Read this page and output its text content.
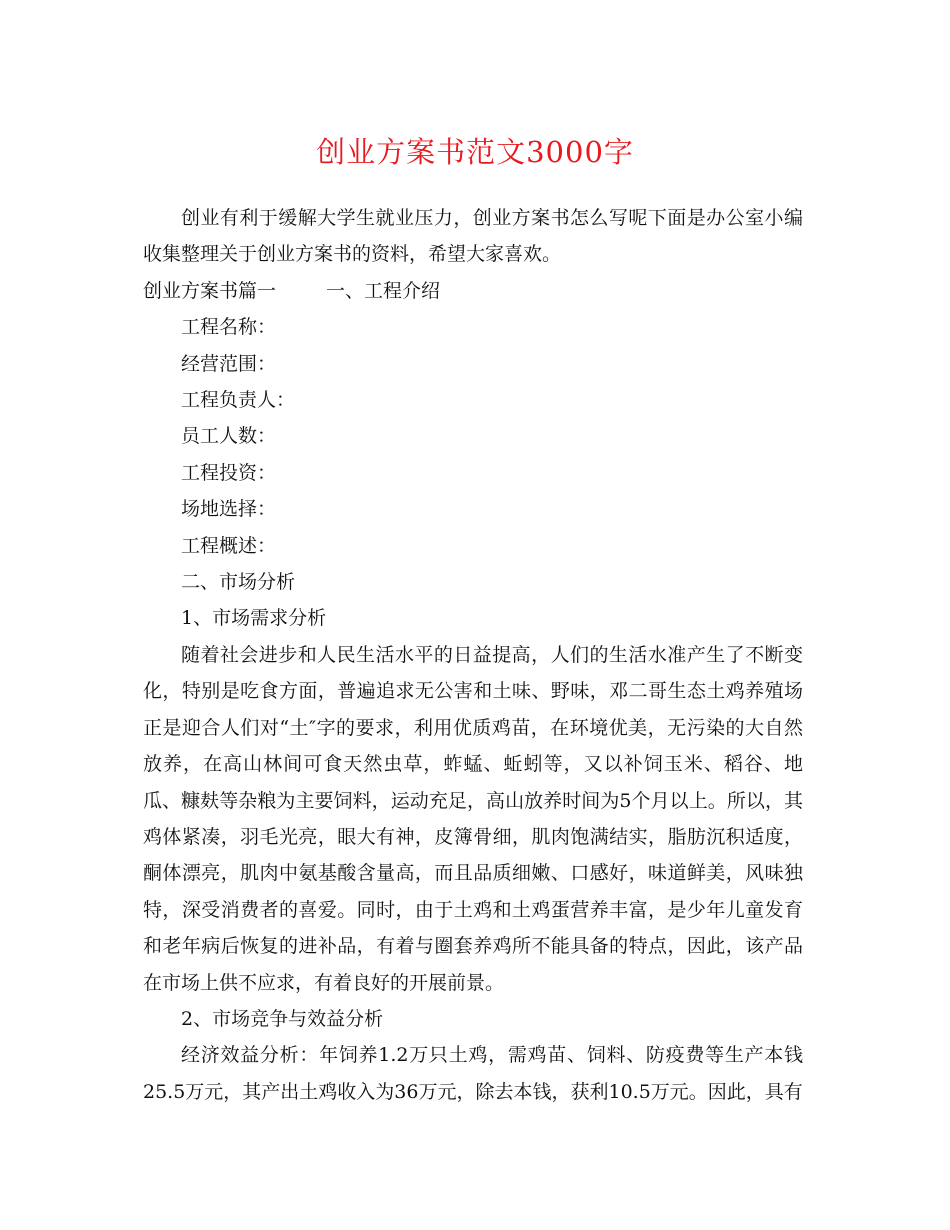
创业方案书范文3000字

创业有利于缓解大学生就业压力，创业方案书怎么写呢下面是办公室小编收集整理关于创业方案书的资料，希望大家喜欢。

创业方案书篇一	一、工程介绍

工程名称：

经营范围：

工程负责人：

员工人数：

工程投资：

场地选择：

工程概述：

二、市场分析

1、市场需求分析

随着社会进步和人民生活水平的日益提高，人们的生活水准产生了不断变化，特别是吃食方面，普遍追求无公害和土味、野味，邓二哥生态土鸡养殖场正是迎合人们对“土″字的要求，利用优质鸡苗，在环境优美，无污染的大自然放养，在高山林间可食天然虫草，蚱蜢、蚯蚓等，又以补饲玉米、稻谷、地瓜、糠麸等杂粮为主要饲料，运动充足，高山放养时间为5个月以上。所以，其鸡体紧凑，羽毛光亮，眼大有神，皮簿骨细，肌肉饱满结实，脂肪沉积适度，酮体漂亮，肌肉中氨基酸含量高，而且品质细嫩、口感好，味道鲜美，风味独特，深受消费者的喜爱。同时，由于土鸡和土鸡蛋营养丰富，是少年儿童发育和老年病后恢复的进补品，有着与圈套养鸡所不能具备的特点，因此，该产品在市场上供不应求，有着良好的开展前景。

2、市场竞争与效益分析

经济效益分析：年饲养1.2万只土鸡，需鸡苗、饲料、防疫费等生产本钱25.5万元，其产出土鸡收入为36万元，除去本钱，获利10.5万元。因此，具有
